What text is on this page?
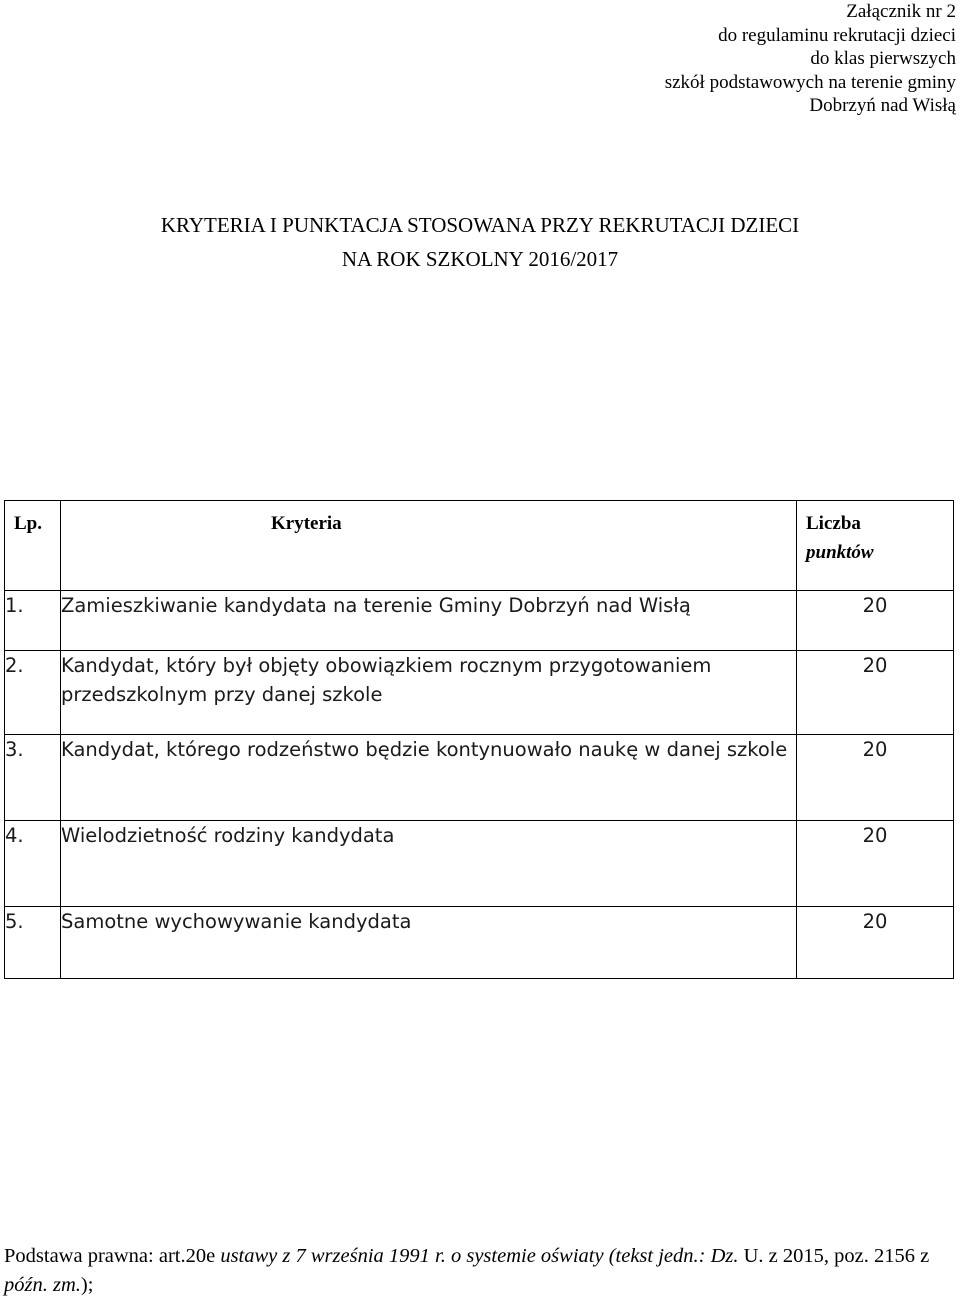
Załącznik nr 2
do regulaminu rekrutacji dzieci
do klas pierwszych
szkół podstawowych na terenie gminy
Dobrzyń nad Wisłą
KRYTERIA I PUNKTACJA STOSOWANA PRZY REKRUTACJI DZIECI
NA ROK SZKOLNY 2016/2017
Lp.	Kryteria	Liczba
punktów

1.	Zamieszkiwanie kandydata na terenie Gminy Dobrzyń nad Wisłą	20
2.	Kandydat, który był objęty obowiązkiem rocznym przygotowaniem przedszkolnym przy danej szkole	20
3.	Kandydat, którego rodzeństwo będzie kontynuowało naukę w danej szkole	20
4.	Wielodzietność rodziny kandydata	20
5.	Samotne wychowywanie kandydata	20
Podstawa prawna: art.20e ustawy z 7 września 1991 r. o systemie oświaty (tekst jedn.: Dz. U. z 2015, poz. 2156 z późn. zm.);
